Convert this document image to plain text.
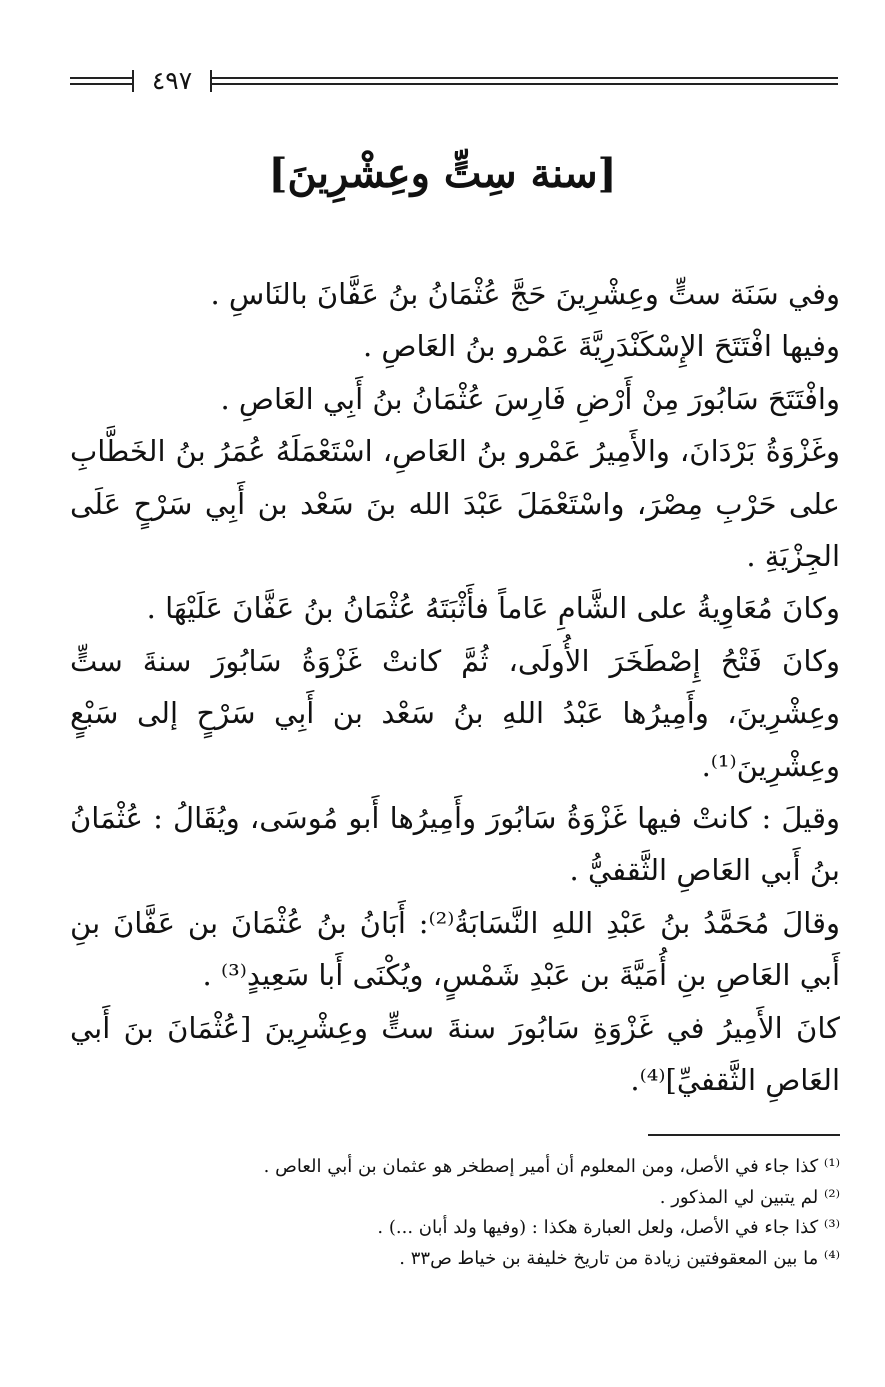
٤٩٧
[سنة سِتٍّ وعِشْرِينَ]

وفي سَنَة ستٍّ وعِشْرِينَ حَجَّ عُثْمَانُ بنُ عَفَّانَ بالنَاسِ .

وفيها افْتَتَحَ الإِسْكَنْدَرِيَّةَ عَمْرو بنُ العَاصِ .

وافْتَتَحَ سَابُورَ مِنْ أَرْضِ فَارِسَ عُثْمَانُ بنُ أَبِي العَاصِ .

وغَزْوَةُ بَرْدَانَ، والأَمِيرُ عَمْرو بنُ العَاصِ، اسْتَعْمَلَهُ عُمَرُ بنُ الخَطَّابِ على حَرْبِ مِصْرَ، واسْتَعْمَلَ عَبْدَ الله بنَ سَعْد بن أَبِي سَرْحٍ عَلَى الجِزْيَةِ .

وكانَ مُعَاوِيةُ على الشَّامِ عَاماً فأَثْبَتَهُ عُثْمَانُ بنُ عَفَّانَ عَلَيْهَا .

وكانَ فَتْحُ إِصْطَخَرَ الأُولَى، ثُمَّ كانتْ غَزْوَةُ سَابُورَ سنةَ ستٍّ وعِشْرِينَ، وأَمِيرُها عَبْدُ اللهِ بنُ سَعْد بن أَبِي سَرْحٍ إلى سَبْعٍ وعِشْرِينَ⁽¹⁾.

وقيلَ : كانتْ فيها غَزْوَةُ سَابُورَ وأَمِيرُها أَبو مُوسَى، ويُقَالُ : عُثْمَانُ بنُ أَبي العَاصِ الثَّقفيُّ .

وقالَ مُحَمَّدُ بنُ عَبْدِ اللهِ النَّسَابَةُ⁽²⁾: أَبَانُ بنُ عُثْمَانَ بن عَفَّانَ بنِ أَبي العَاصِ بنِ أُمَيَّةَ بن عَبْدِ شَمْسٍ، ويُكْنَى أَبا سَعِيدٍ⁽³⁾ .

كانَ الأَمِيرُ في غَزْوَةِ سَابُورَ سنةَ ستٍّ وعِشْرِينَ [عُثْمَانَ بنَ أَبي العَاصِ الثَّقفيِّ]⁽⁴⁾.

⁽¹⁾ كذا جاء في الأصل، ومن المعلوم أن أمير إصطخر هو عثمان بن أبي العاص .

⁽²⁾ لم يتبين لي المذكور .

⁽³⁾ كذا جاء في الأصل، ولعل العبارة هكذا : (وفيها ولد أبان ...) .

⁽⁴⁾ ما بين المعقوفتين زيادة من تاريخ خليفة بن خياط ص٣٣ .
